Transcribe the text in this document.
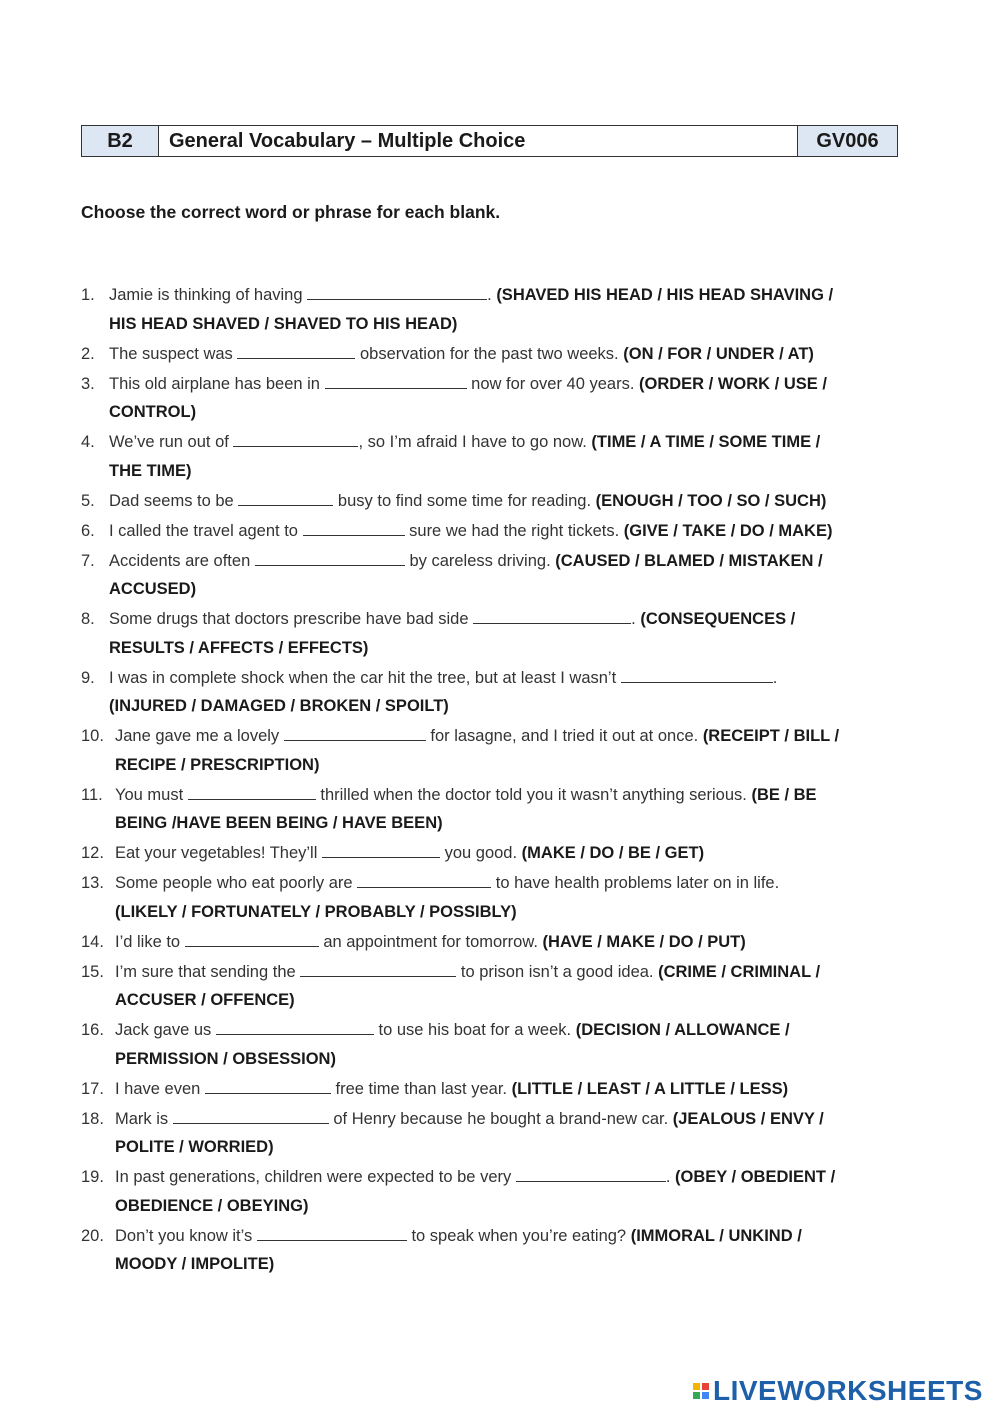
B2	General Vocabulary – Multiple Choice	GV006
Choose the correct word or phrase for each blank.
1. Jamie is thinking of having	. (SHAVED HIS HEAD / HIS HEAD SHAVING /
HIS HEAD SHAVED / SHAVED TO HIS HEAD)
2. The suspect was	observation for the past two weeks. (ON / FOR / UNDER / AT)
3. This old airplane has been in	now for over 40 years. (ORDER / WORK / USE /
CONTROL)
4. We’ve run out of	, so I’m afraid I have to go now. (TIME / A TIME / SOME TIME /
THE TIME)
5. Dad seems to be	busy to find some time for reading. (ENOUGH / TOO / SO / SUCH)
6. I called the travel agent to	sure we had the right tickets. (GIVE / TAKE / DO / MAKE)
7. Accidents are often	by careless driving. (CAUSED / BLAMED / MISTAKEN /
ACCUSED)
8. Some drugs that doctors prescribe have bad side	. (CONSEQUENCES /
RESULTS / AFFECTS / EFFECTS)
9. I was in complete shock when the car hit the tree, but at least I wasn’t	.
(INJURED / DAMAGED / BROKEN / SPOILT)
10. Jane gave me a lovely	for lasagne, and I tried it out at once. (RECEIPT / BILL /
RECIPE / PRESCRIPTION)
11. You must	thrilled when the doctor told you it wasn’t anything serious. (BE / BE
BEING /HAVE BEEN BEING / HAVE BEEN)
12. Eat your vegetables! They’ll	you good. (MAKE / DO / BE / GET)
13. Some people who eat poorly are	to have health problems later on in life.
(LIKELY / FORTUNATELY / PROBABLY / POSSIBLY)
14. I’d like to	an appointment for tomorrow. (HAVE / MAKE / DO / PUT)
15. I’m sure that sending the	to prison isn’t a good idea. (CRIME / CRIMINAL /
ACCUSER / OFFENCE)
16. Jack gave us	to use his boat for a week. (DECISION / ALLOWANCE /
PERMISSION / OBSESSION)
17. I have even	free time than last year. (LITTLE / LEAST / A LITTLE / LESS)
18. Mark is	of Henry because he bought a brand-new car. (JEALOUS / ENVY /
POLITE / WORRIED)
19. In past generations, children were expected to be very	. (OBEY / OBEDIENT /
OBEDIENCE / OBEYING)
20. Don’t you know it’s	to speak when you’re eating? (IMMORAL / UNKIND /
MOODY / IMPOLITE)
LIVEWORKSHEETS
